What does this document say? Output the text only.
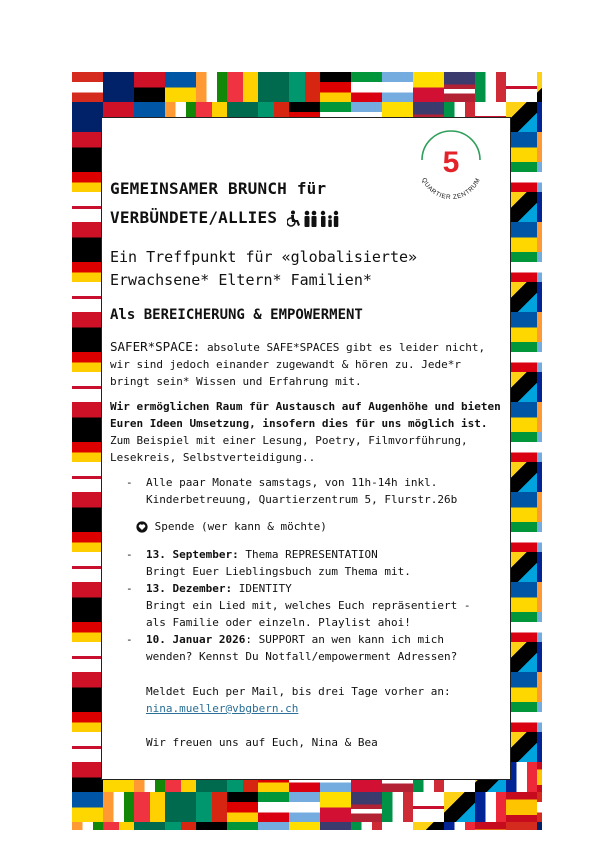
5
QUARTIER ZENTRUM
GEMEINSAMER BRUNCH für
VERBÜNDETE/ALLIES
Ein Treffpunkt für «globalisierte»
Erwachsene* Eltern* Familien*
Als BEREICHERUNG & EMPOWERMENT
SAFER*SPACE: absolute SAFE*SPACES gibt es leider nicht, wir sind jedoch einander zugewandt & hören zu. Jede*r bringt sein* Wissen und Erfahrung mit.
Wir ermöglichen Raum für Austausch auf Augenhöhe und bieten Euren Ideen Umsetzung, insofern dies für uns möglich ist. Zum Beispiel mit einer Lesung, Poetry, Filmvorführung, Lesekreis, Selbstverteidigung..
- Alle paar Monate samstags, von 11h-14h inkl.
Kinderbetreuung, Quartierzentrum 5, Flurstr.26b
Spende (wer kann & möchte)
- 13. September: Thema REPRESENTATION
Bringt Euer Lieblingsbuch zum Thema mit.
- 13. Dezember: IDENTITY
Bringt ein Lied mit, welches Euch repräsentiert -
als Familie oder einzeln. Playlist ahoi!
- 10. Januar 2026: SUPPORT an wen kann ich mich
wenden? Kennst Du Notfall/empowerment Adressen?
Meldet Euch per Mail, bis drei Tage vorher an:
nina.mueller@vbgbern.ch
Wir freuen uns auf Euch, Nina & Bea
